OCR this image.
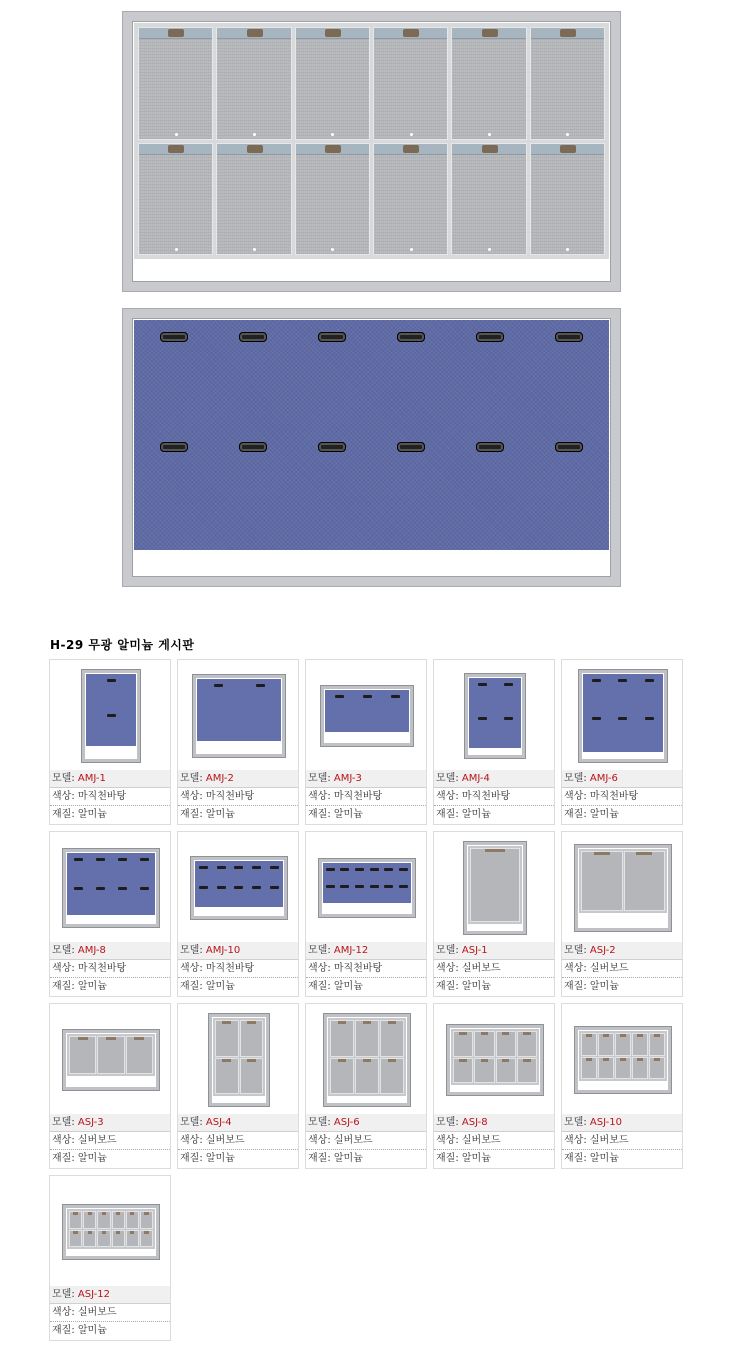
H-29 무광 알미늄 게시판
모델: AMJ-1
색상: 마직천바탕
재질: 알미늄
모델: AMJ-2
색상: 마직천바탕
재질: 알미늄
모델: AMJ-3
색상: 마직천바탕
재질: 알미늄
모델: AMJ-4
색상: 마직천바탕
재질: 알미늄
모델: AMJ-6
색상: 마직천바탕
재질: 알미늄
모델: AMJ-8
색상: 마직천바탕
재질: 알미늄
모델: AMJ-10
색상: 마직천바탕
재질: 알미늄
모델: AMJ-12
색상: 마직천바탕
재질: 알미늄
모델: ASJ-1
색상: 실버보드
재질: 알미늄
모델: ASJ-2
색상: 실버보드
재질: 알미늄
모델: ASJ-3
색상: 실버보드
재질: 알미늄
모델: ASJ-4
색상: 실버보드
재질: 알미늄
모델: ASJ-6
색상: 실버보드
재질: 알미늄
모델: ASJ-8
색상: 실버보드
재질: 알미늄
모델: ASJ-10
색상: 실버보드
재질: 알미늄
모델: ASJ-12
색상: 실버보드
재질: 알미늄
